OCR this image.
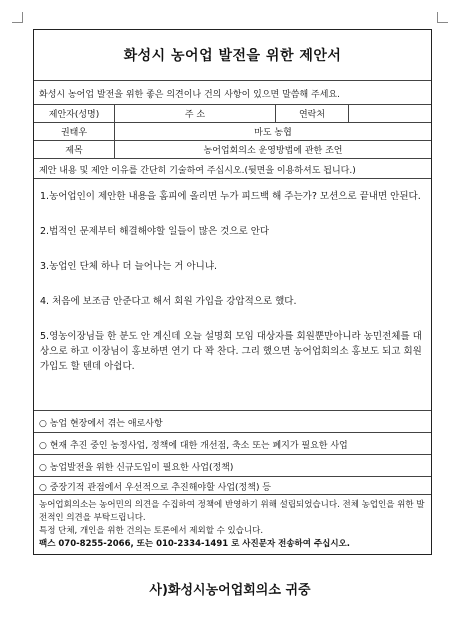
화성시 농어업 발전을 위한 제안서
화성시 농어업 발전을 위한 좋은 의견이나 건의 사항이 있으면 말씀해 주세요.
제안자(성명)	주 소	연락처
권태우	마도 농협
제목	농어업회의소 운영방법에 관한 조언
제안 내용 및 제안 이유를 간단히 기술하여 주십시오.(뒷면을 이용하셔도 됩니다.)

1.농어업인이 제안한 내용을 홈피에 올리면 누가 피드백 해 주는가? 모션으로 끝내면 안된다.

2.법적인 문제부터 해결해야할 일들이 많은 것으로 안다

3.농업인 단체 하나 더 늘어나는 거 아니냐.

4. 처음에 보조금 안준다고 해서 회원 가입을 강압적으로 했다.

5.영농이장님들 한 분도 안 계신데 오늘 설명회 모임 대상자를 회원뿐만아니라 농민전체를 대상으로 하고 이장님이 홍보하면 연기 다 꽉 찬다. 그리 했으면 농어업회의소 홍보도 되고 회원 가입도 할 텐데 아쉽다.

○ 농업 현장에서 겪는 애로사항
○ 현재 추진 중인 농정사업, 정책에 대한 개선점, 축소 또는 폐지가 필요한 사업
○ 농업발전을 위한 신규도입이 필요한 사업(정책)
○ 중장기적 관점에서 우선적으로 추진해야할 사업(정책) 등
농어업회의소는 농어민의 의견을 수집하여 정책에 반영하기 위해 설립되었습니다. 전체 농업인을 위한 발전적인 의견을 부탁드립니다.
특정 단체, 개인을 위한 건의는 토론에서 제외할 수 있습니다.
팩스 070-8255-2066, 또는 010-2334-1491 로 사진문자 전송하여 주십시오.
사)화성시농어업회의소 귀중
